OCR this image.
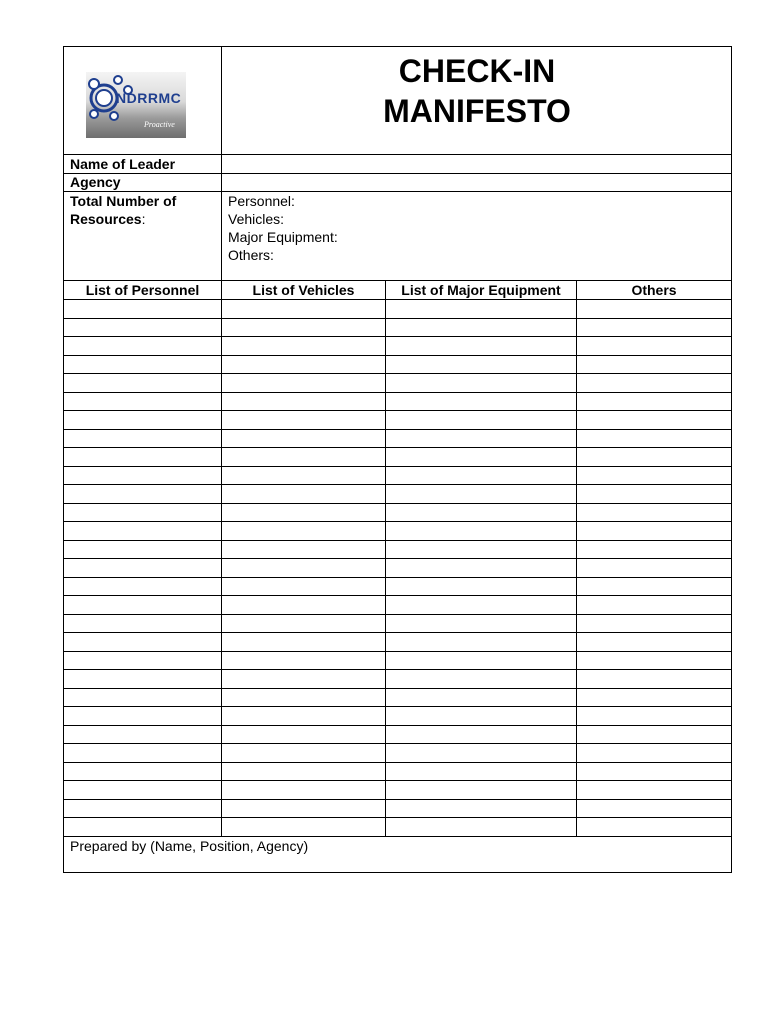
NDRRMC
Proactive
CHECK-IN
MANIFESTO
Name of Leader
Agency
Total Number of
Resources:
Personnel:
Vehicles:
Major Equipment:
Others:
List of Personnel	List of Vehicles	List of Major Equipment	Others
Prepared by (Name, Position, Agency)
